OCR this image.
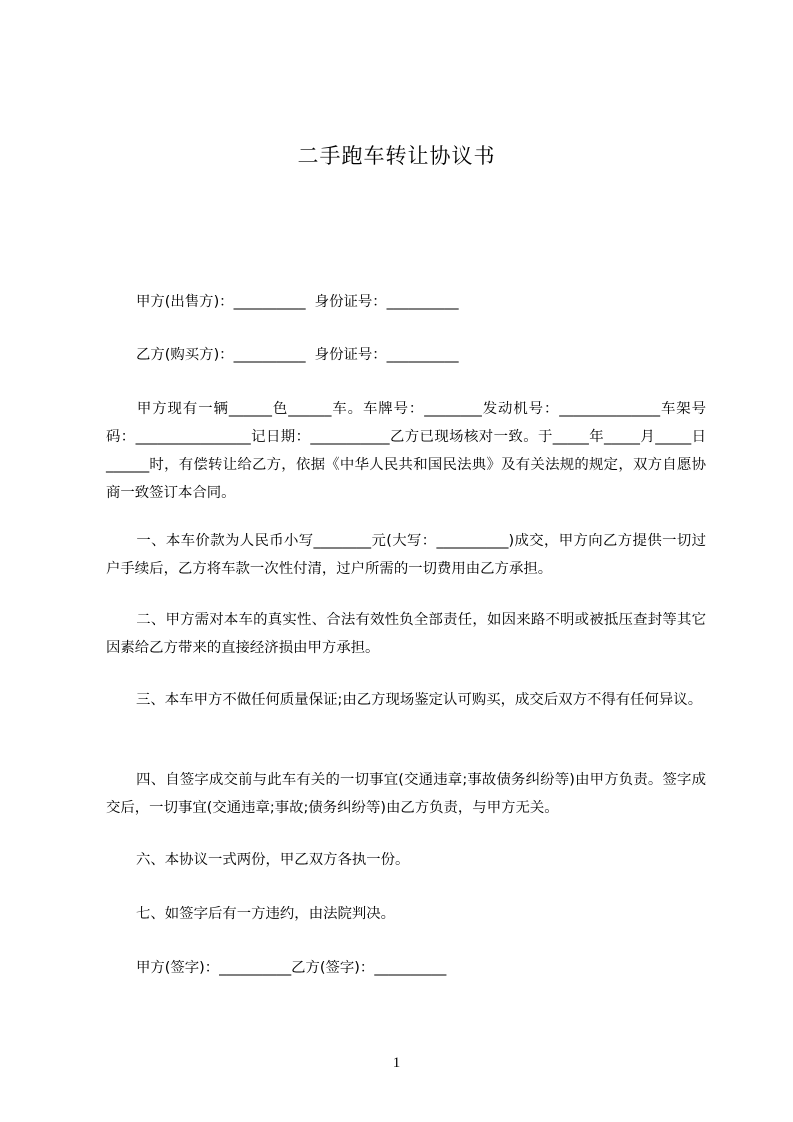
二手跑车转让协议书
甲方(出售方)：__________  身份证号：__________
乙方(购买方)：__________  身份证号：__________
甲方现有一辆______色______车。车牌号：________发动机号：______________车架号码：________________记日期：___________乙方已现场核对一致。于_____年_____月_____日______时，有偿转让给乙方，依据《中华人民共和国民法典》及有关法规的规定，双方自愿协商一致签订本合同。
一、本车价款为人民币小写________元(大写：__________)成交，甲方向乙方提供一切过户手续后，乙方将车款一次性付清，过户所需的一切费用由乙方承担。
二、甲方需对本车的真实性、合法有效性负全部责任，如因来路不明或被抵压查封等其它因素给乙方带来的直接经济损由甲方承担。
三、本车甲方不做任何质量保证;由乙方现场鉴定认可购买，成交后双方不得有任何异议。
四、自签字成交前与此车有关的一切事宜(交通违章;事故债务纠纷等)由甲方负责。签字成交后，一切事宜(交通违章;事故;债务纠纷等)由乙方负责，与甲方无关。
六、本协议一式两份，甲乙双方各执一份。
七、如签字后有一方违约，由法院判决。
甲方(签字)：__________乙方(签字)：__________
1
